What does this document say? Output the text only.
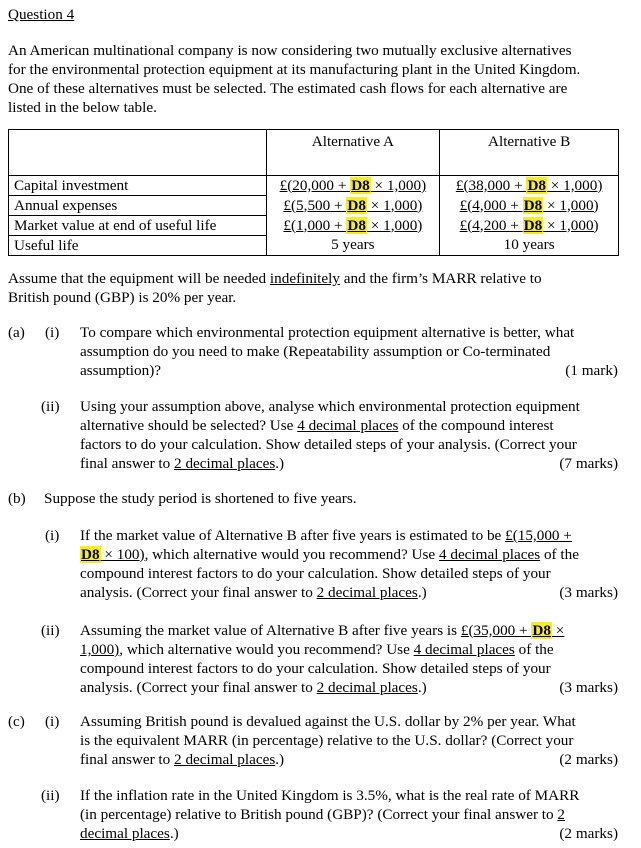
Question 4
An American multinational company is now considering two mutually exclusive alternatives
for the environmental protection equipment at its manufacturing plant in the United Kingdom.
One of these alternatives must be selected. The estimated cash flows for each alternative are
listed in the below table.
	Alternative A	Alternative B
Capital investment	£(20,000 + D8 × 1,000)	£(38,000 + D8 × 1,000)
Annual expenses	£(5,500 + D8 × 1,000)	£(4,000 + D8 × 1,000)
Market value at end of useful life	£(1,000 + D8 × 1,000)	£(4,200 + D8 × 1,000)
Useful life	5 years	10 years
Assume that the equipment will be needed indefinitely and the firm’s MARR relative to
British pound (GBP) is 20% per year.
(a) (i) To compare which environmental protection equipment alternative is better, what
assumption do you need to make (Repeatability assumption or Co-terminated
assumption)?	(1 mark)
(ii) Using your assumption above, analyse which environmental protection equipment
alternative should be selected? Use 4 decimal places of the compound interest
factors to do your calculation. Show detailed steps of your analysis. (Correct your
final answer to 2 decimal places.)	(7 marks)
(b) Suppose the study period is shortened to five years.
(i) If the market value of Alternative B after five years is estimated to be £(15,000 +
D8 × 100), which alternative would you recommend? Use 4 decimal places of the
compound interest factors to do your calculation. Show detailed steps of your
analysis. (Correct your final answer to 2 decimal places.)	(3 marks)
(ii) Assuming the market value of Alternative B after five years is £(35,000 + D8 ×
1,000), which alternative would you recommend? Use 4 decimal places of the
compound interest factors to do your calculation. Show detailed steps of your
analysis. (Correct your final answer to 2 decimal places.)	(3 marks)
(c) (i) Assuming British pound is devalued against the U.S. dollar by 2% per year. What
is the equivalent MARR (in percentage) relative to the U.S. dollar? (Correct your
final answer to 2 decimal places.)	(2 marks)
(ii) If the inflation rate in the United Kingdom is 3.5%, what is the real rate of MARR
(in percentage) relative to British pound (GBP)? (Correct your final answer to 2
decimal places.)	(2 marks)
